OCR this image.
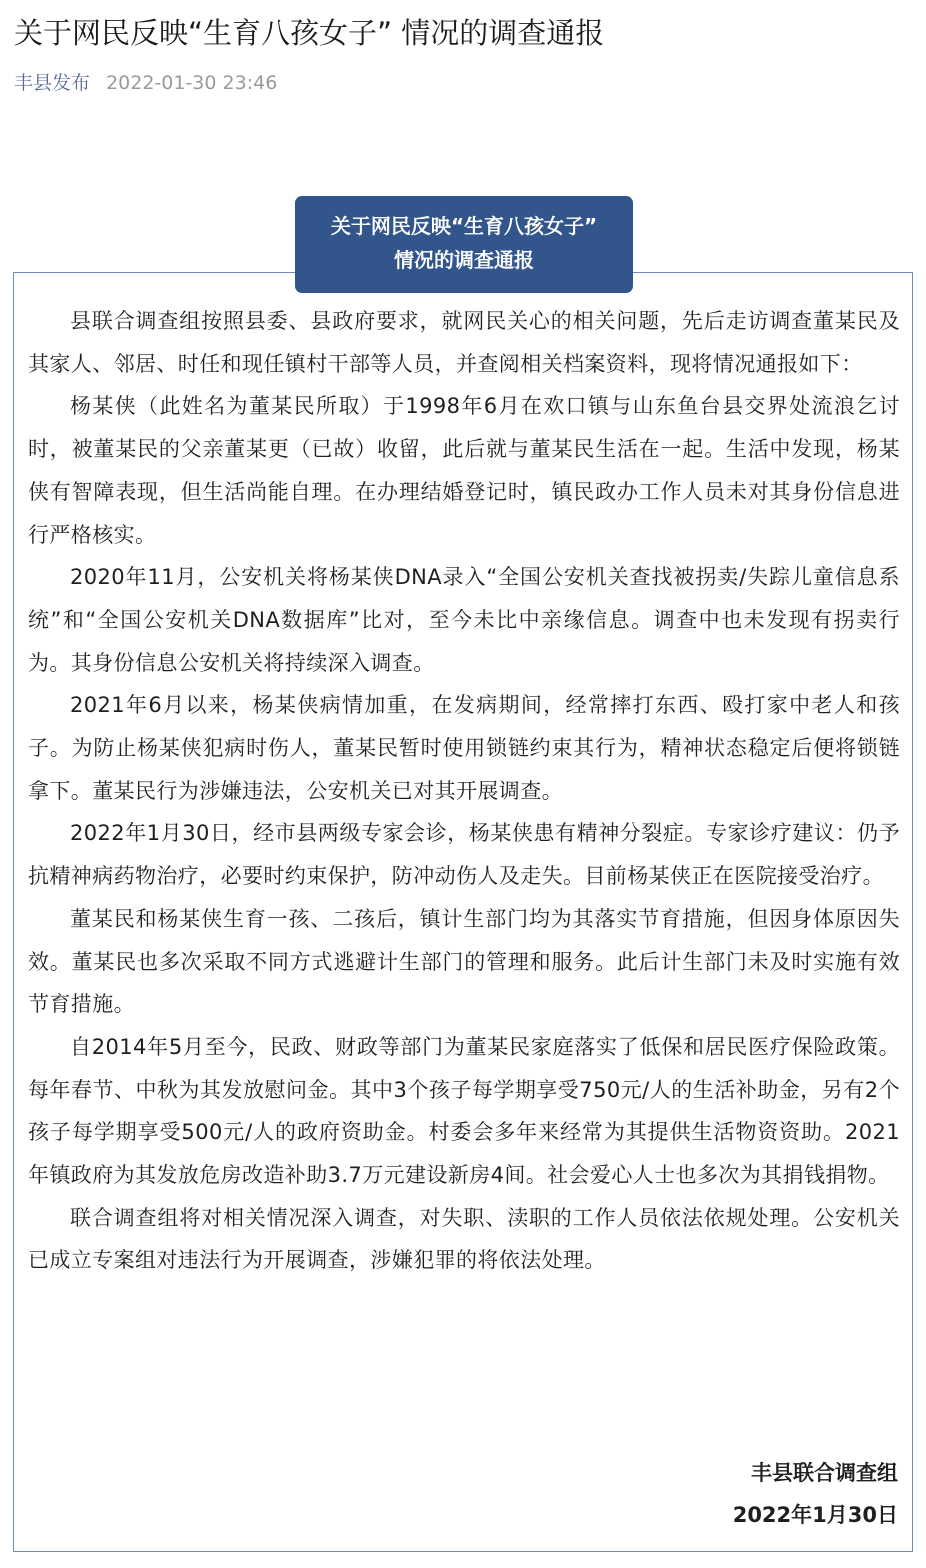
关于网民反映“生育八孩女子” 情况的调查通报
丰县发布 2022-01-30 23:46
关于网民反映“生育八孩女子”
情况的调查通报

县联合调查组按照县委、县政府要求，就网民关心的相关问题，先后走访调查董某民及其家人、邻居、时任和现任镇村干部等人员，并查阅相关档案资料，现将情况通报如下：

杨某侠（此姓名为董某民所取）于1998年6月在欢口镇与山东鱼台县交界处流浪乞讨时，被董某民的父亲董某更（已故）收留，此后就与董某民生活在一起。生活中发现，杨某侠有智障表现，但生活尚能自理。在办理结婚登记时，镇民政办工作人员未对其身份信息进行严格核实。

2020年11月，公安机关将杨某侠DNA录入“全国公安机关查找被拐卖/失踪儿童信息系统”和“全国公安机关DNA数据库”比对，至今未比中亲缘信息。调查中也未发现有拐卖行为。其身份信息公安机关将持续深入调查。

2021年6月以来，杨某侠病情加重，在发病期间，经常摔打东西、殴打家中老人和孩子。为防止杨某侠犯病时伤人，董某民暂时使用锁链约束其行为，精神状态稳定后便将锁链拿下。董某民行为涉嫌违法，公安机关已对其开展调查。

2022年1月30日，经市县两级专家会诊，杨某侠患有精神分裂症。专家诊疗建议：仍予抗精神病药物治疗，必要时约束保护，防冲动伤人及走失。目前杨某侠正在医院接受治疗。

董某民和杨某侠生育一孩、二孩后，镇计生部门均为其落实节育措施，但因身体原因失效。董某民也多次采取不同方式逃避计生部门的管理和服务。此后计生部门未及时实施有效节育措施。

自2014年5月至今，民政、财政等部门为董某民家庭落实了低保和居民医疗保险政策。每年春节、中秋为其发放慰问金。其中3个孩子每学期享受750元/人的生活补助金，另有2个孩子每学期享受500元/人的政府资助金。村委会多年来经常为其提供生活物资资助。2021年镇政府为其发放危房改造补助3.7万元建设新房4间。社会爱心人士也多次为其捐钱捐物。

联合调查组将对相关情况深入调查，对失职、渎职的工作人员依法依规处理。公安机关已成立专案组对违法行为开展调查，涉嫌犯罪的将依法处理。

丰县联合调查组
2022年1月30日
